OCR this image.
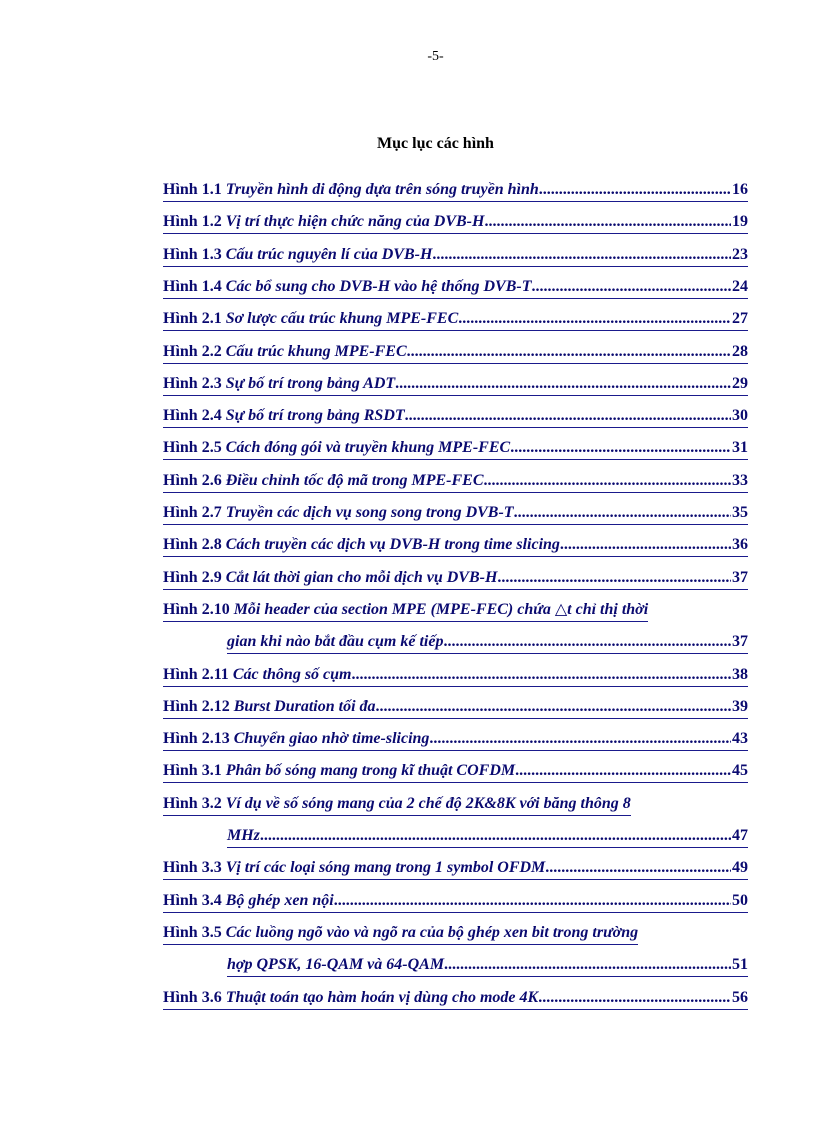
-5-
Mục lục các hình
Hình 1.1
Truyền hình di động dựa trên sóng truyền hình .....	16
Hình 1.2
Vị trí thực hiện chức năng của DVB-H .....	19
Hình 1.3
Cấu trúc nguyên lí của DVB-H .....	23
Hình 1.4
Các bổ sung cho DVB-H vào hệ thống DVB-T .....	24
Hình 2.1
Sơ lược cấu trúc khung MPE-FEC .....	27
Hình 2.2
Cấu trúc khung MPE-FEC .....	28
Hình 2.3
Sự bố trí trong bảng ADT .....	29
Hình 2.4
Sự bố trí trong bảng RSDT .....	30
Hình 2.5
Cách đóng gói và truyền khung MPE-FEC .....	31
Hình 2.6
Điều chỉnh tốc độ mã trong MPE-FEC .....	33
Hình 2.7
Truyền các dịch vụ song song trong DVB-T .....	35
Hình 2.8
Cách truyền các dịch vụ DVB-H trong time slicing .....	36
Hình 2.9
Cắt lát thời gian cho mỗi dịch vụ DVB-H .....	37
Hình 2.10
Mỗi header của section MPE (MPE-FEC) chứa △t chỉ thị thời
gian khi nào bắt đầu cụm kế tiếp .....	37
Hình 2.11
Các thông số cụm .....	38
Hình 2.12
Burst Duration tối đa .....	39
Hình 2.13
Chuyển giao nhờ time-slicing .....	43
Hình 3.1
Phân bố sóng mang trong kĩ thuật COFDM .....	45
Hình 3.2
Ví dụ về số sóng mang của 2 chế độ 2K&8K với băng thông 8
MHz .....	47
Hình 3.3
Vị trí các loại sóng mang trong 1 symbol OFDM .....	49
Hình 3.4
Bộ ghép xen nội .....	50
Hình 3.5
Các luồng ngõ vào và ngõ ra của bộ ghép xen bit trong trường
hợp QPSK, 16-QAM và 64-QAM .....	51
Hình 3.6
Thuật toán tạo hàm hoán vị dùng cho mode 4K .....	56
